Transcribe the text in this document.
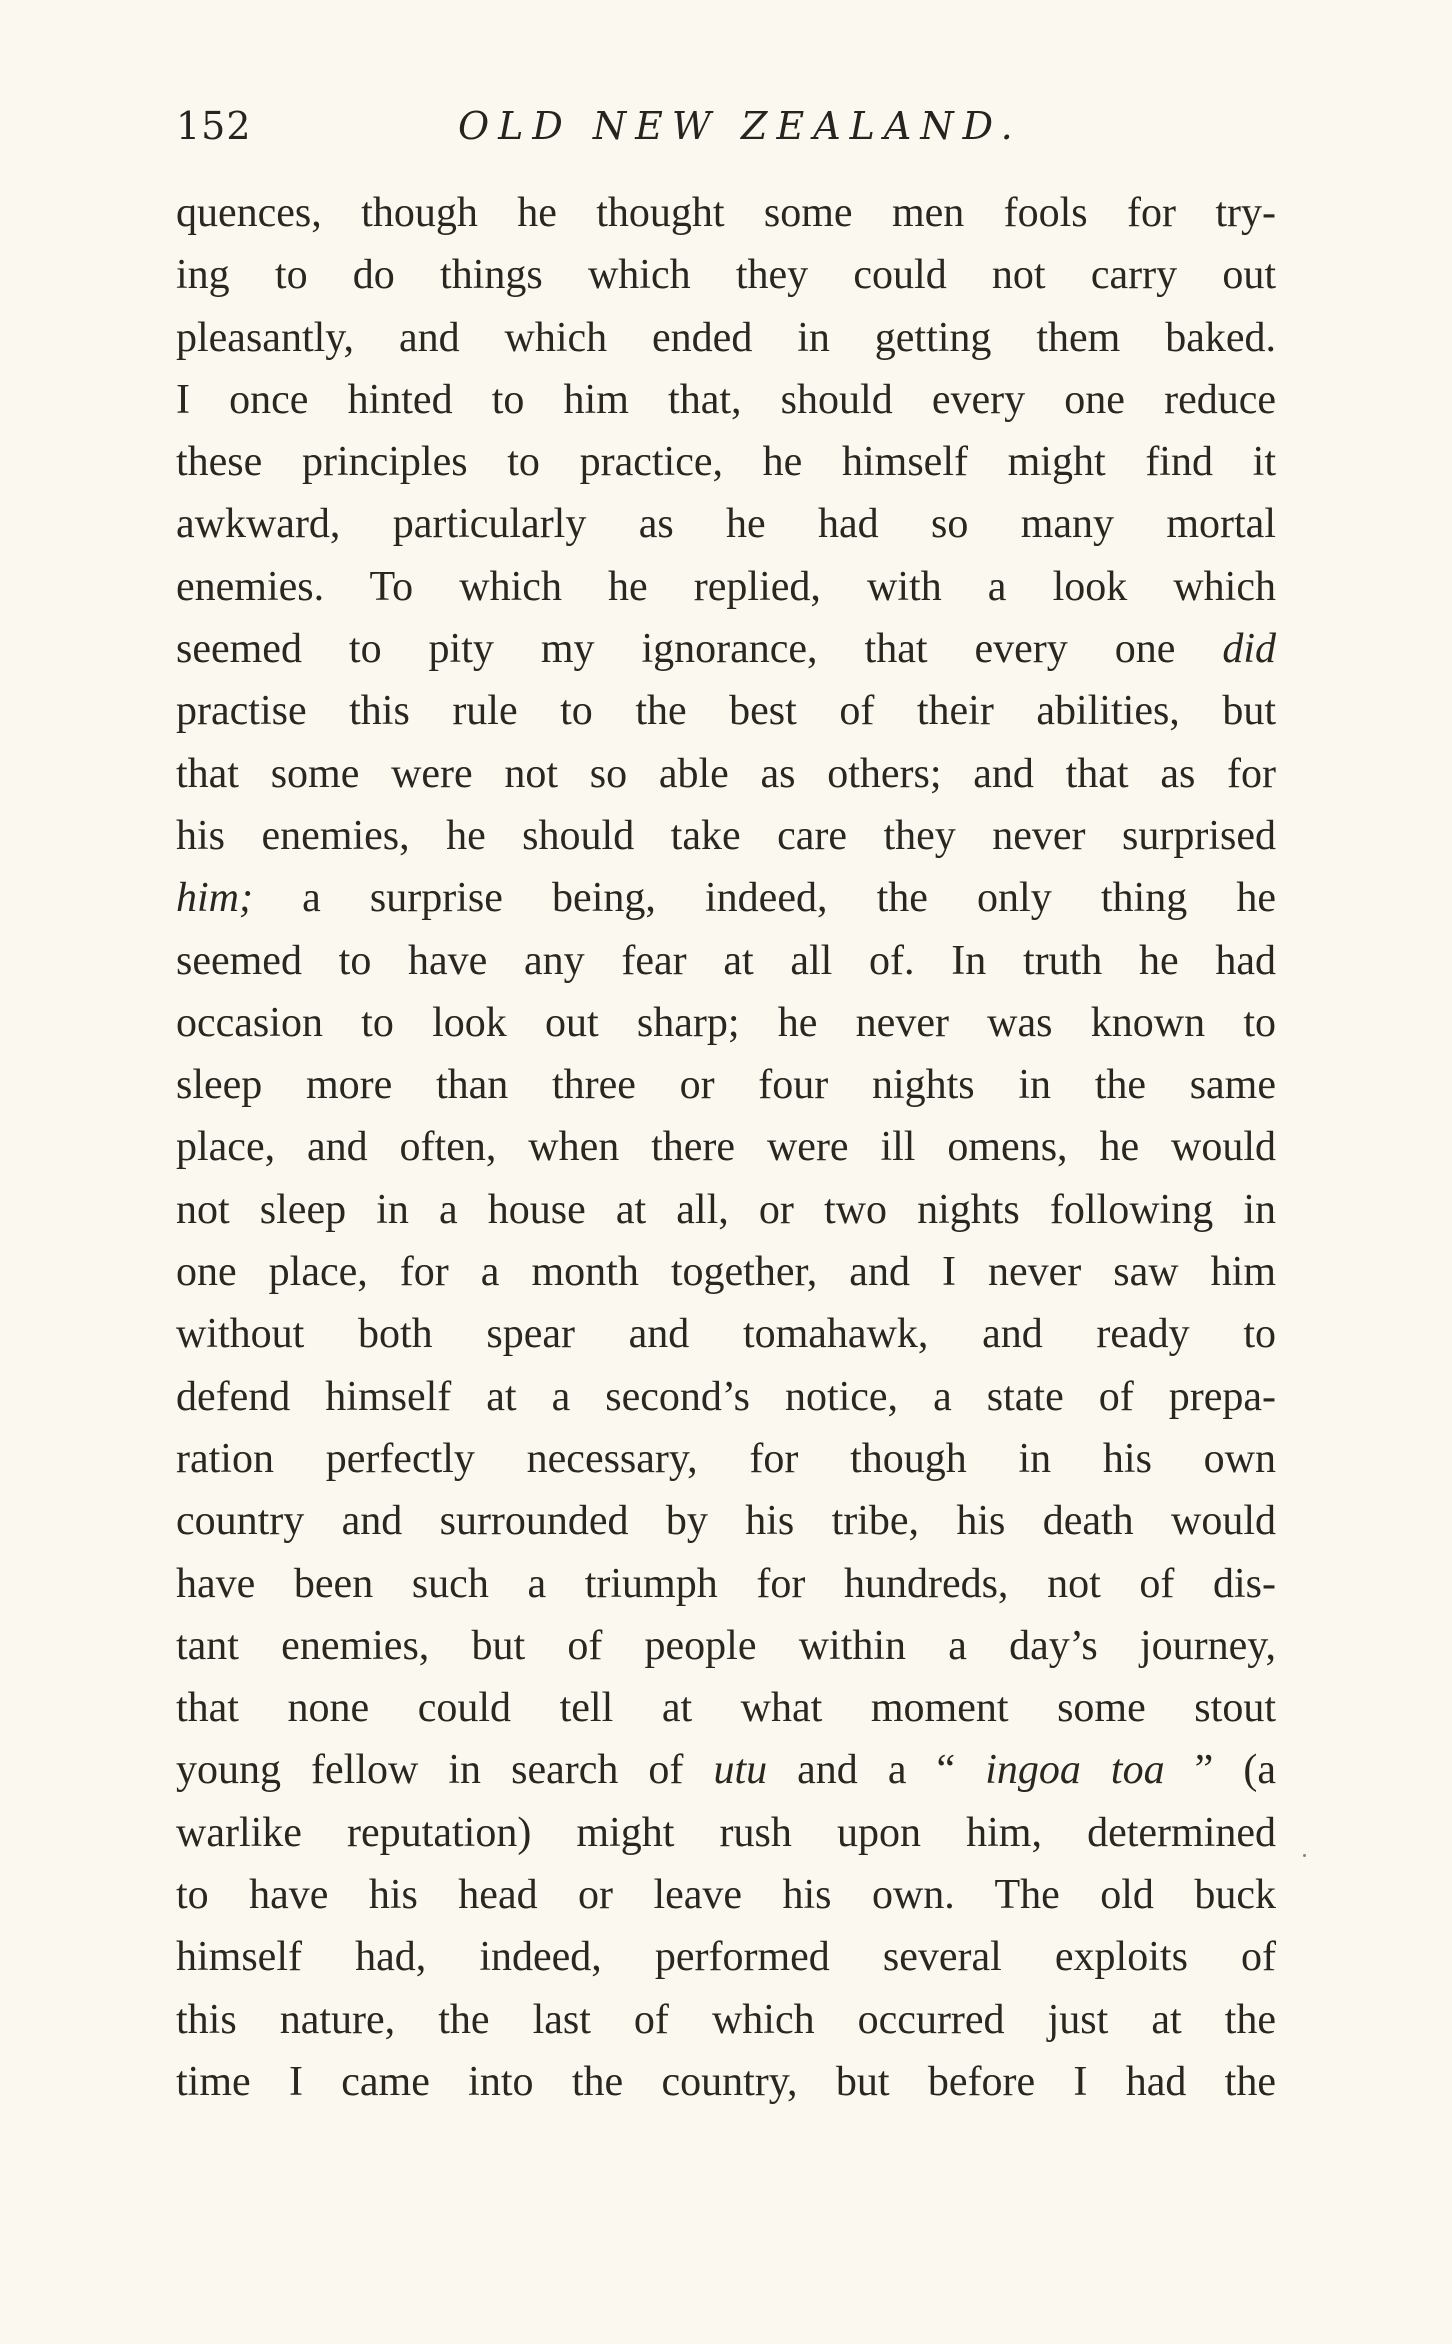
152	OLD NEW ZEALAND.
quences, though he thought some men fools for try-
ing to do things which they could not carry out
pleasantly, and which ended in getting them baked.
I once hinted to him that, should every one reduce
these principles to practice, he himself might find it
awkward, particularly as he had so many mortal
enemies. To which he replied, with a look which
seemed to pity my ignorance, that every one did
practise this rule to the best of their abilities, but
that some were not so able as others; and that as for
his enemies, he should take care they never surprised
him; a surprise being, indeed, the only thing he
seemed to have any fear at all of. In truth he had
occasion to look out sharp; he never was known to
sleep more than three or four nights in the same
place, and often, when there were ill omens, he would
not sleep in a house at all, or two nights following in
one place, for a month together, and I never saw him
without both spear and tomahawk, and ready to
defend himself at a second’s notice, a state of prepa-
ration perfectly necessary, for though in his own
country and surrounded by his tribe, his death would
have been such a triumph for hundreds, not of dis-
tant enemies, but of people within a day’s journey,
that none could tell at what moment some stout
young fellow in search of utu and a “ ingoa toa ” (a
warlike reputation) might rush upon him, determined
to have his head or leave his own. The old buck
himself had, indeed, performed several exploits of
this nature, the last of which occurred just at the
time I came into the country, but before I had the
